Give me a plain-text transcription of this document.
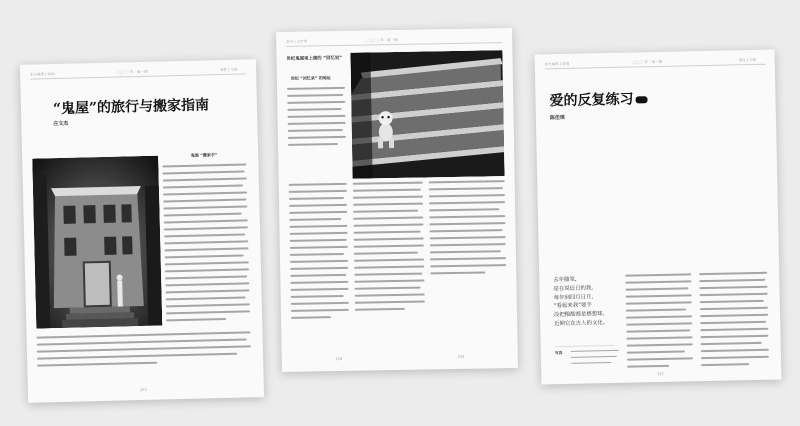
东方城事 | 时间	二〇二三年 · 第一期	居住 | 空间
“鬼屋”的旅行与搬家指南
庄文杰
鬼屋 “搬家手”
153
东方 | 文学季	二〇二三年 · 第一期
世纪鬼屋里上演的 “回忆说”
世纪 “回忆录” 的地址
154
155
东方城事 | 时间	二〇二三年 · 第一期	居住 | 空间
爱的反复练习
陈佳琪
去年随笔,
是在说近日的我,
每年到四月日月,
“看起来我”要手
没把酸酸都是感想球,
近期它在古人的文化。
写真
157
